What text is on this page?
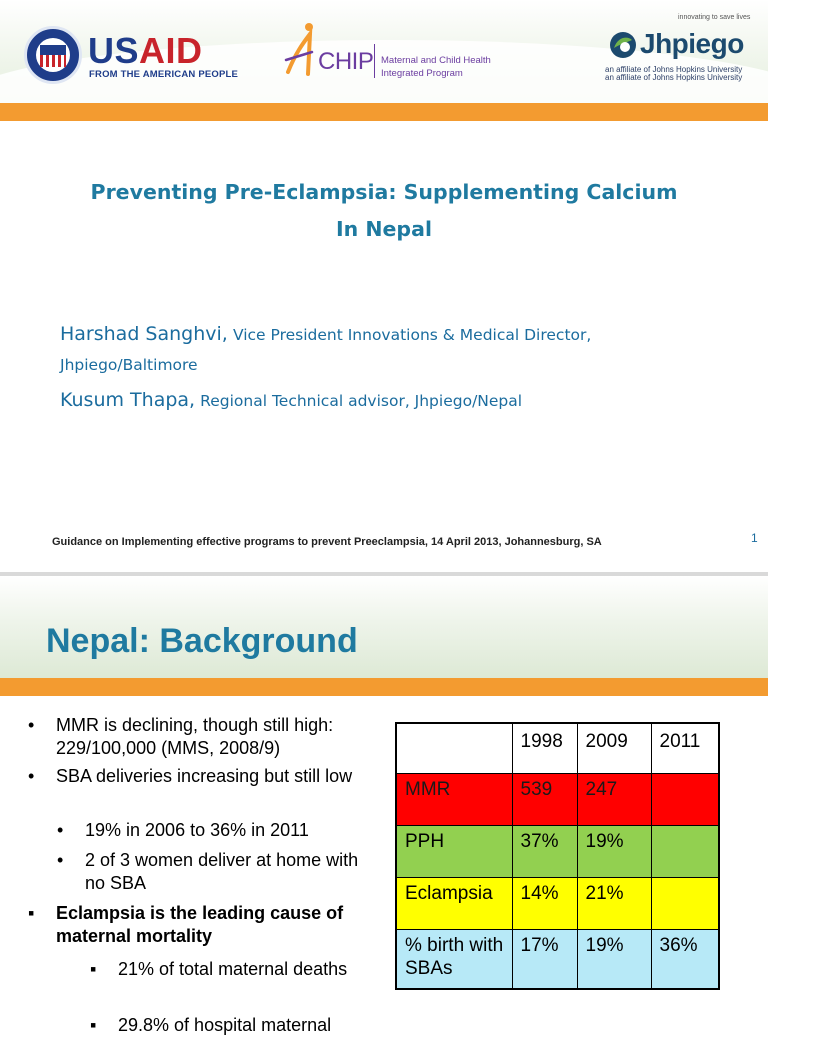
USAID
FROM THE AMERICAN PEOPLE	CHIP Maternal and Child Health
Integrated Program
innovating to save lives
Jhpiego
an affiliate of Johns Hopkins University
an affiliate of Johns Hopkins University
Preventing Pre-Eclampsia: Supplementing Calcium
In Nepal
Harshad Sanghvi, Vice President Innovations & Medical Director,
Jhpiego/Baltimore
Kusum Thapa, Regional Technical advisor, Jhpiego/Nepal
Guidance on Implementing effective programs to prevent Preeclampsia, 14 April 2013, Johannesburg, SA	1
Nepal: Background
• MMR is declining, though still high: 229/100,000 (MMS, 2008/9)
• SBA deliveries increasing but still low
• 19% in 2006 to 36% in 2011
• 2 of 3 women deliver at home with no SBA
▪ Eclampsia is the leading cause of maternal mortality
▪ 21% of total maternal deaths
▪ 29.8% of hospital maternal
	1998	2009	2011
MMR	539	247	
PPH	37%	19%	
Eclampsia	14%	21%	
% birth with SBAs	17%	19%	36%
